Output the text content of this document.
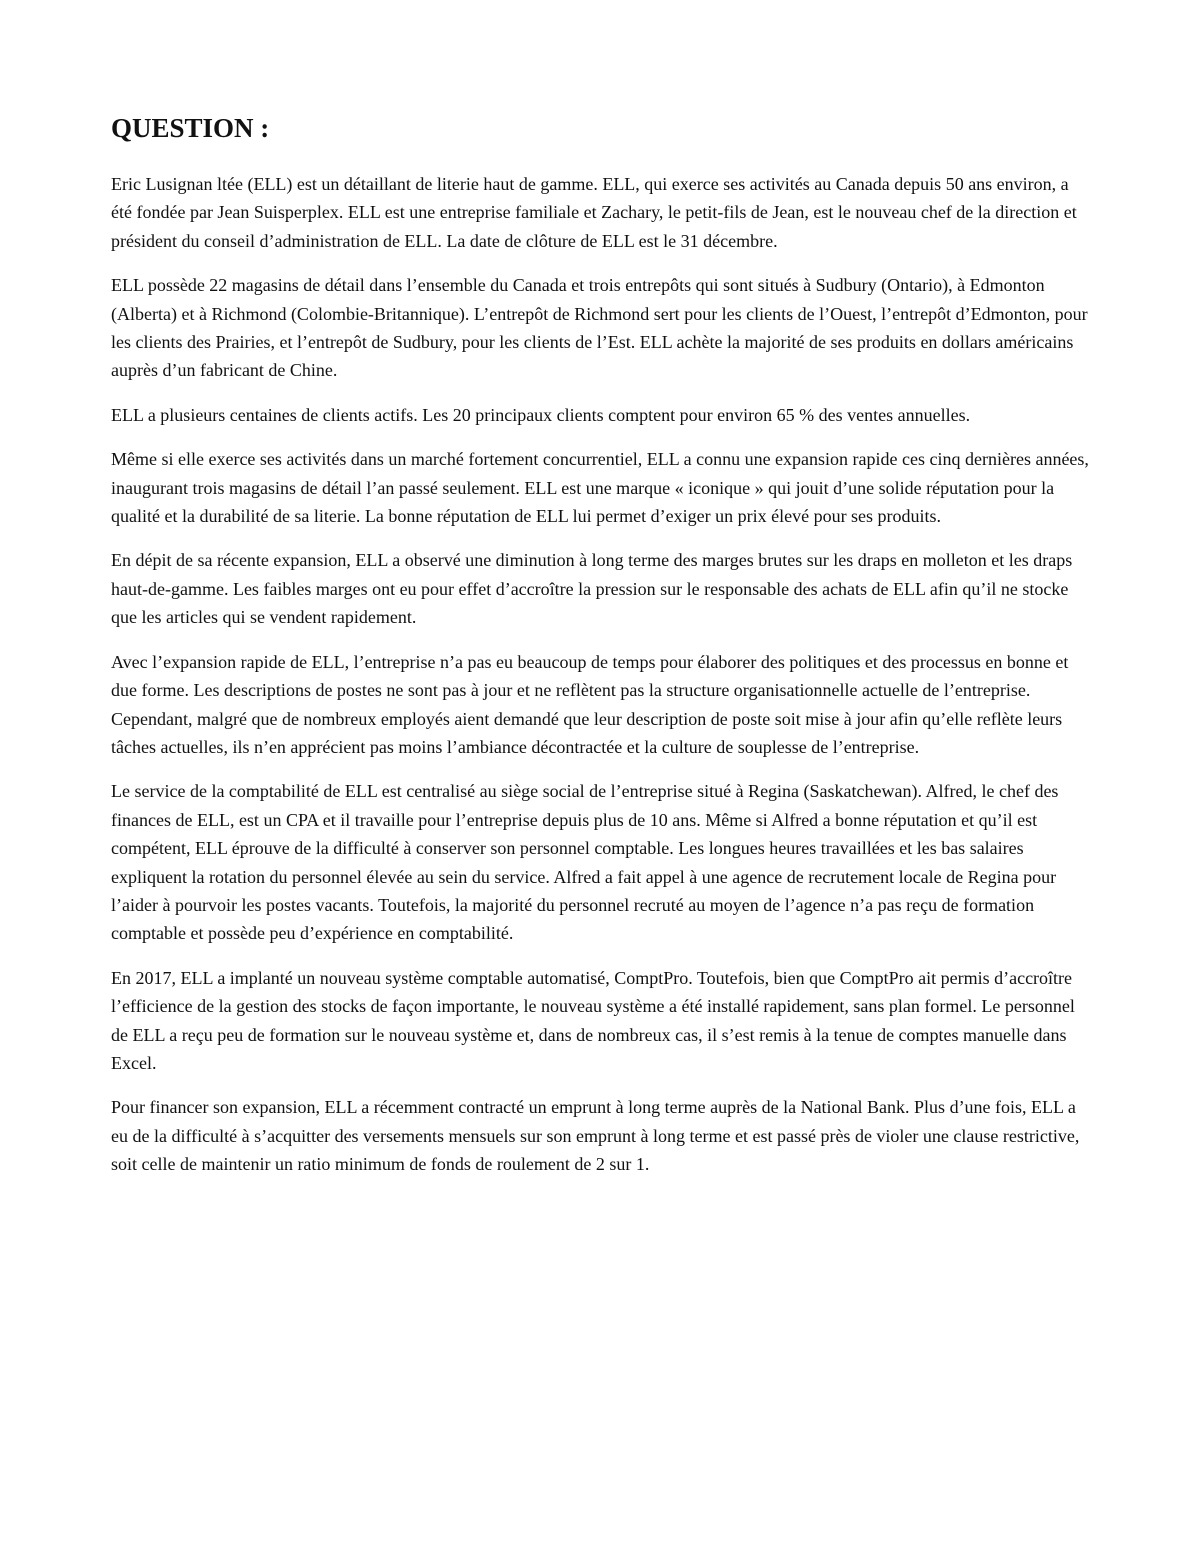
QUESTION :

Eric Lusignan ltée (ELL) est un détaillant de literie haut de gamme. ELL, qui exerce ses activités au Canada depuis 50 ans environ, a été fondée par Jean Suisperplex. ELL est une entreprise familiale et Zachary, le petit-fils de Jean, est le nouveau chef de la direction et président du conseil d’administration de ELL. La date de clôture de ELL est le 31 décembre.

ELL possède 22 magasins de détail dans l’ensemble du Canada et trois entrepôts qui sont situés à Sudbury (Ontario), à Edmonton (Alberta) et à Richmond (Colombie-Britannique). L’entrepôt de Richmond sert pour les clients de l’Ouest, l’entrepôt d’Edmonton, pour les clients des Prairies, et l’entrepôt de Sudbury, pour les clients de l’Est. ELL achète la majorité de ses produits en dollars américains auprès d’un fabricant de Chine.

ELL a plusieurs centaines de clients actifs. Les 20 principaux clients comptent pour environ 65 % des ventes annuelles.

Même si elle exerce ses activités dans un marché fortement concurrentiel, ELL a connu une expansion rapide ces cinq dernières années, inaugurant trois magasins de détail l’an passé seulement. ELL est une marque « iconique » qui jouit d’une solide réputation pour la qualité et la durabilité de sa literie. La bonne réputation de ELL lui permet d’exiger un prix élevé pour ses produits.

En dépit de sa récente expansion, ELL a observé une diminution à long terme des marges brutes sur les draps en molleton et les draps haut-de-gamme. Les faibles marges ont eu pour effet d’accroître la pression sur le responsable des achats de ELL afin qu’il ne stocke que les articles qui se vendent rapidement.

Avec l’expansion rapide de ELL, l’entreprise n’a pas eu beaucoup de temps pour élaborer des politiques et des processus en bonne et due forme. Les descriptions de postes ne sont pas à jour et ne reflètent pas la structure organisationnelle actuelle de l’entreprise. Cependant, malgré que de nombreux employés aient demandé que leur description de poste soit mise à jour afin qu’elle reflète leurs tâches actuelles, ils n’en apprécient pas moins l’ambiance décontractée et la culture de souplesse de l’entreprise.

Le service de la comptabilité de ELL est centralisé au siège social de l’entreprise situé à Regina (Saskatchewan). Alfred, le chef des finances de ELL, est un CPA et il travaille pour l’entreprise depuis plus de 10 ans. Même si Alfred a bonne réputation et qu’il est compétent, ELL éprouve de la difficulté à conserver son personnel comptable. Les longues heures travaillées et les bas salaires expliquent la rotation du personnel élevée au sein du service. Alfred a fait appel à une agence de recrutement locale de Regina pour l’aider à pourvoir les postes vacants. Toutefois, la majorité du personnel recruté au moyen de l’agence n’a pas reçu de formation comptable et possède peu d’expérience en comptabilité.

En 2017, ELL a implanté un nouveau système comptable automatisé, ComptPro. Toutefois, bien que ComptPro ait permis d’accroître l’efficience de la gestion des stocks de façon importante, le nouveau système a été installé rapidement, sans plan formel. Le personnel de ELL a reçu peu de formation sur le nouveau système et, dans de nombreux cas, il s’est remis à la tenue de comptes manuelle dans Excel.

Pour financer son expansion, ELL a récemment contracté un emprunt à long terme auprès de la National Bank. Plus d’une fois, ELL a eu de la difficulté à s’acquitter des versements mensuels sur son emprunt à long terme et est passé près de violer une clause restrictive, soit celle de maintenir un ratio minimum de fonds de roulement de 2 sur 1.
